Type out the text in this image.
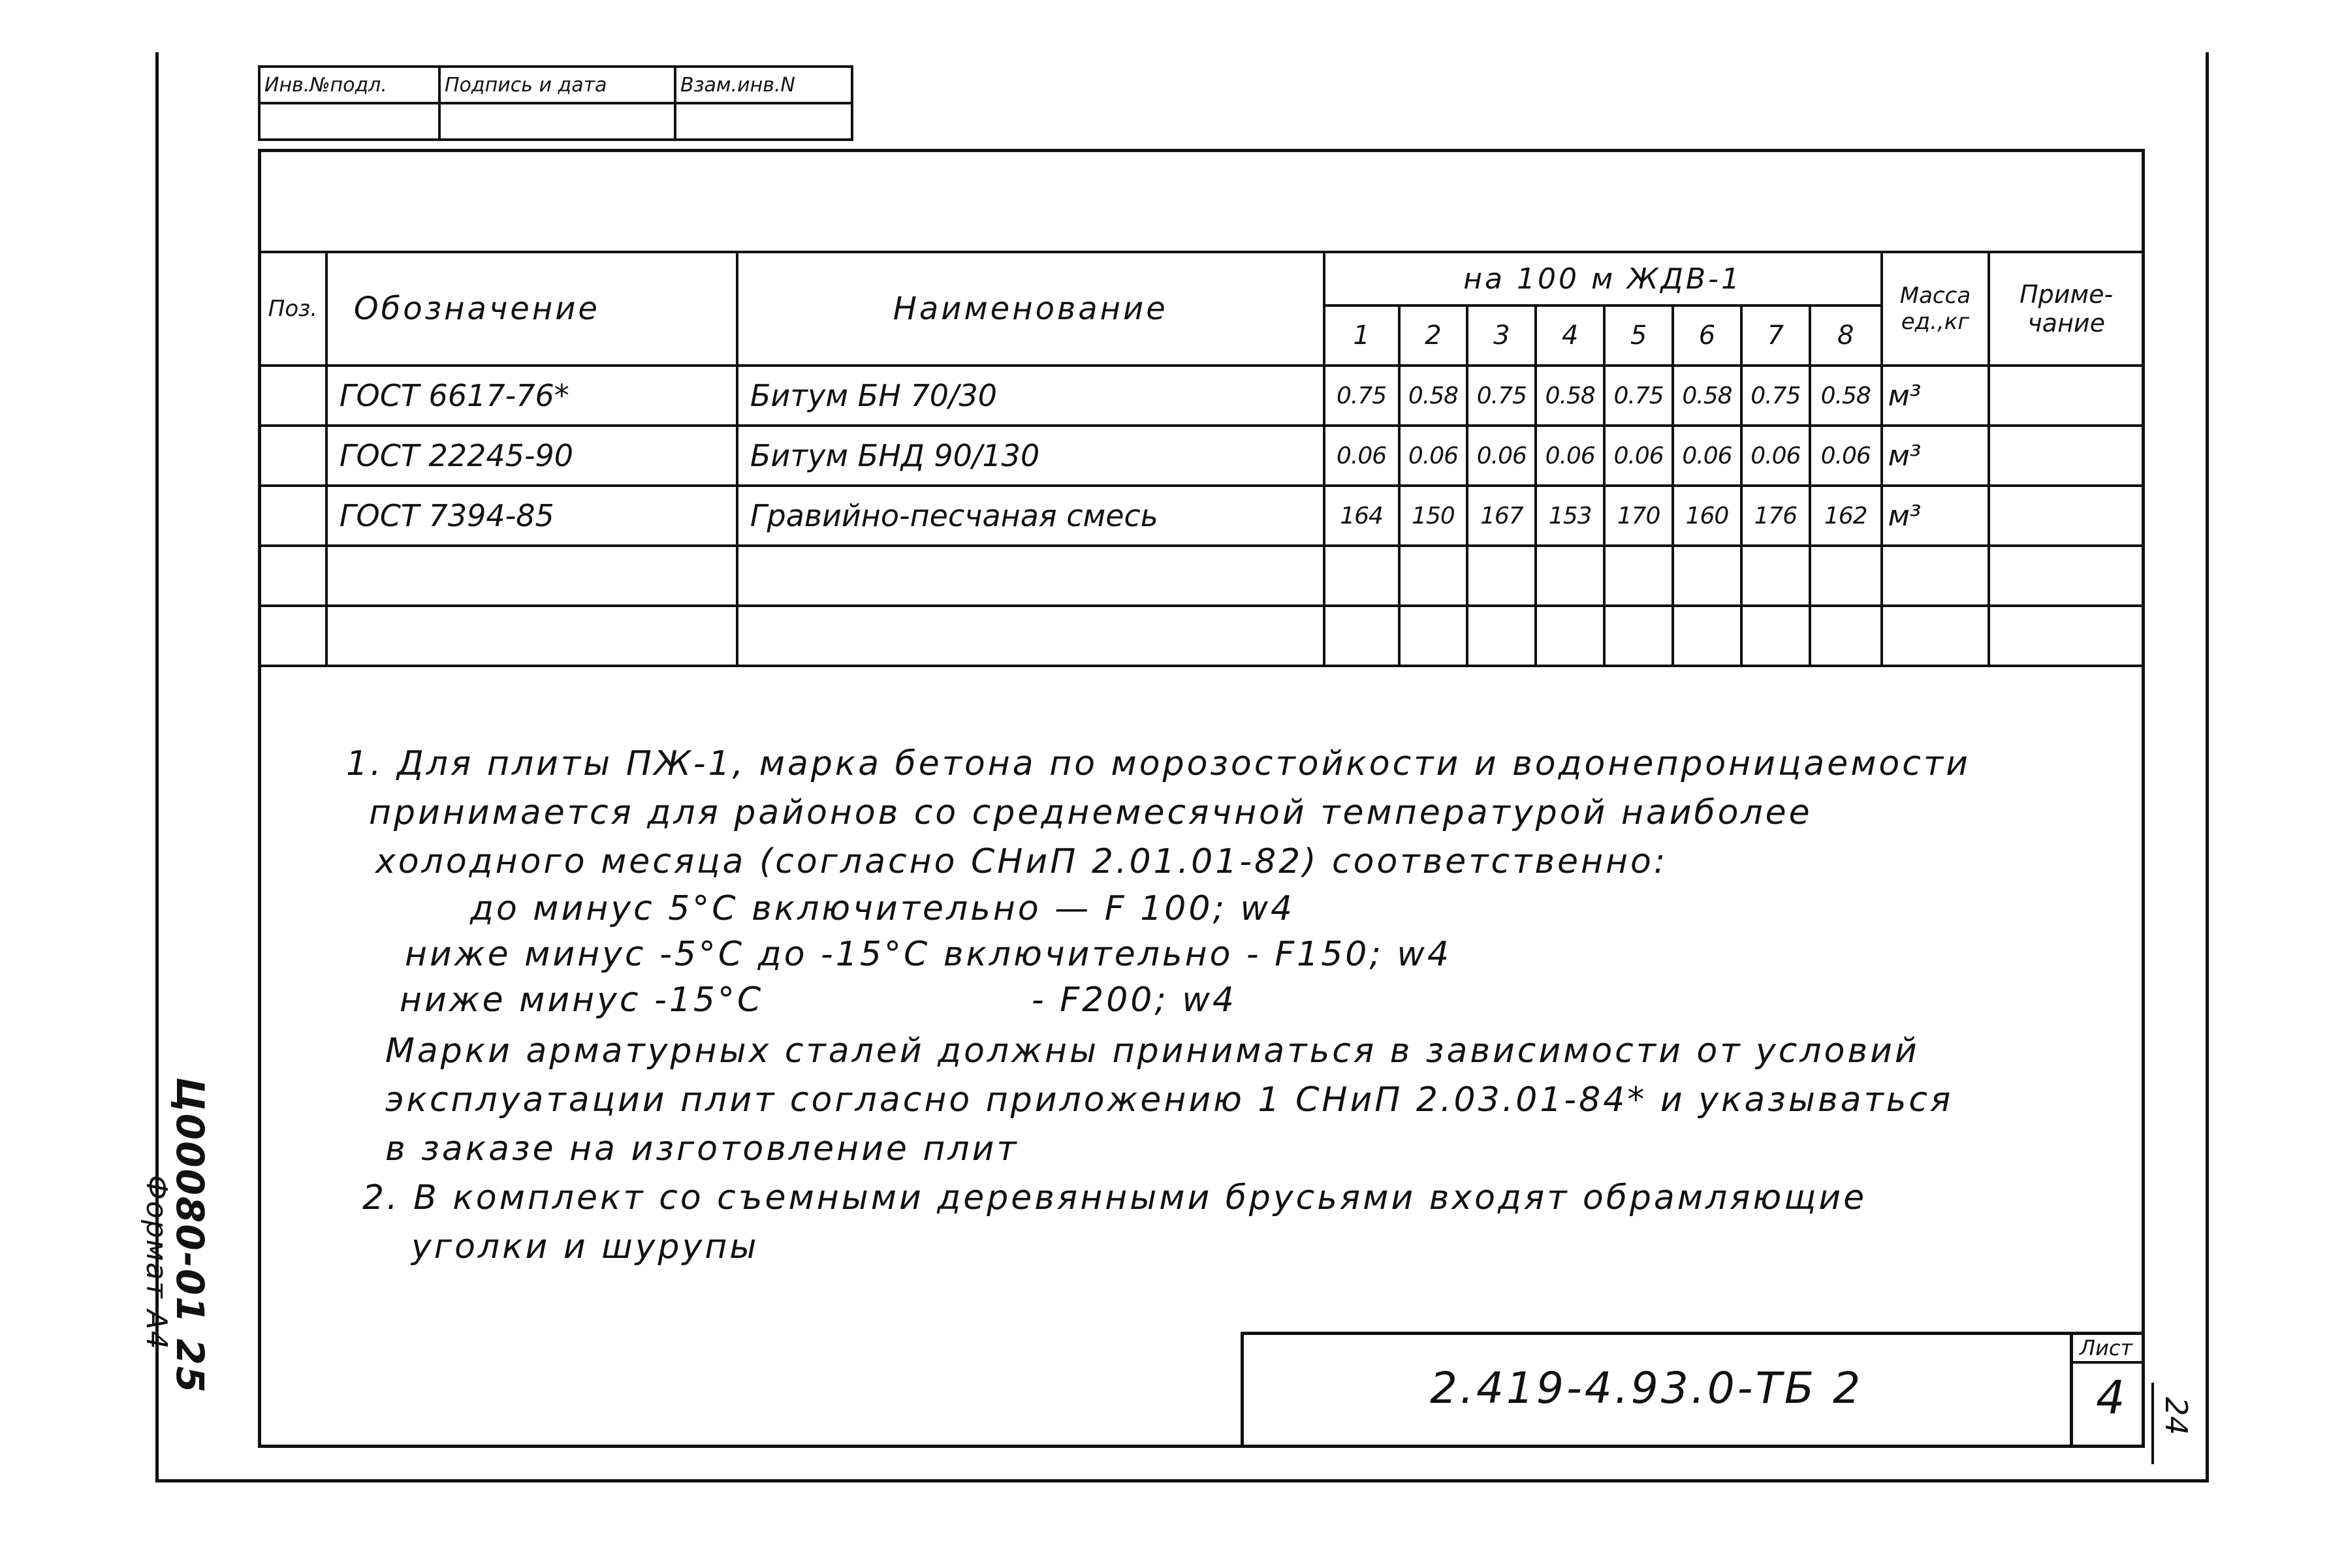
Инв.№подл.	Подпись и дата	Взам.инв.N

Поз.	Обозначение	Наименование	на 100 м ЖДВ-1								Масса ед.,кг	Приме-чание
			1	2	3	4	5	6	7	8		
	ГОСТ 6617-76*	Битум БН 70/30	0.75	0.58	0.75	0.58	0.75	0.58	0.75	0.58	м³	
	ГОСТ 22245-90	Битум БНД 90/130	0.06	0.06	0.06	0.06	0.06	0.06	0.06	0.06	м³	
	ГОСТ 7394-85	Гравийно-песчаная смесь	164	150	167	153	170	160	176	162	м³	

1. Для плиты ПЖ-1, марка бетона по морозостойкости и водонепроницаемости
принимается для районов со среднемесячной температурой наиболее
холодного месяца (согласно СНиП 2.01.01-82) соответственно:
до минус 5°С включительно — F 100; w4
ниже минус -5°С до -15°С включительно - F150; w4
ниже минус -15°С                    - F200; w4
Марки арматурных сталей должны приниматься в зависимости от условий
эксплуатации плит согласно приложению 1 СНиП 2.03.01-84* и указываться
в заказе на изготовление плит
2. В комплект со съемными деревянными брусьями входят обрамляющие
уголки и шурупы
2.419-4.93.0-ТБ 2
Лист
4 24
Ц00080-01 25
Формат А4
